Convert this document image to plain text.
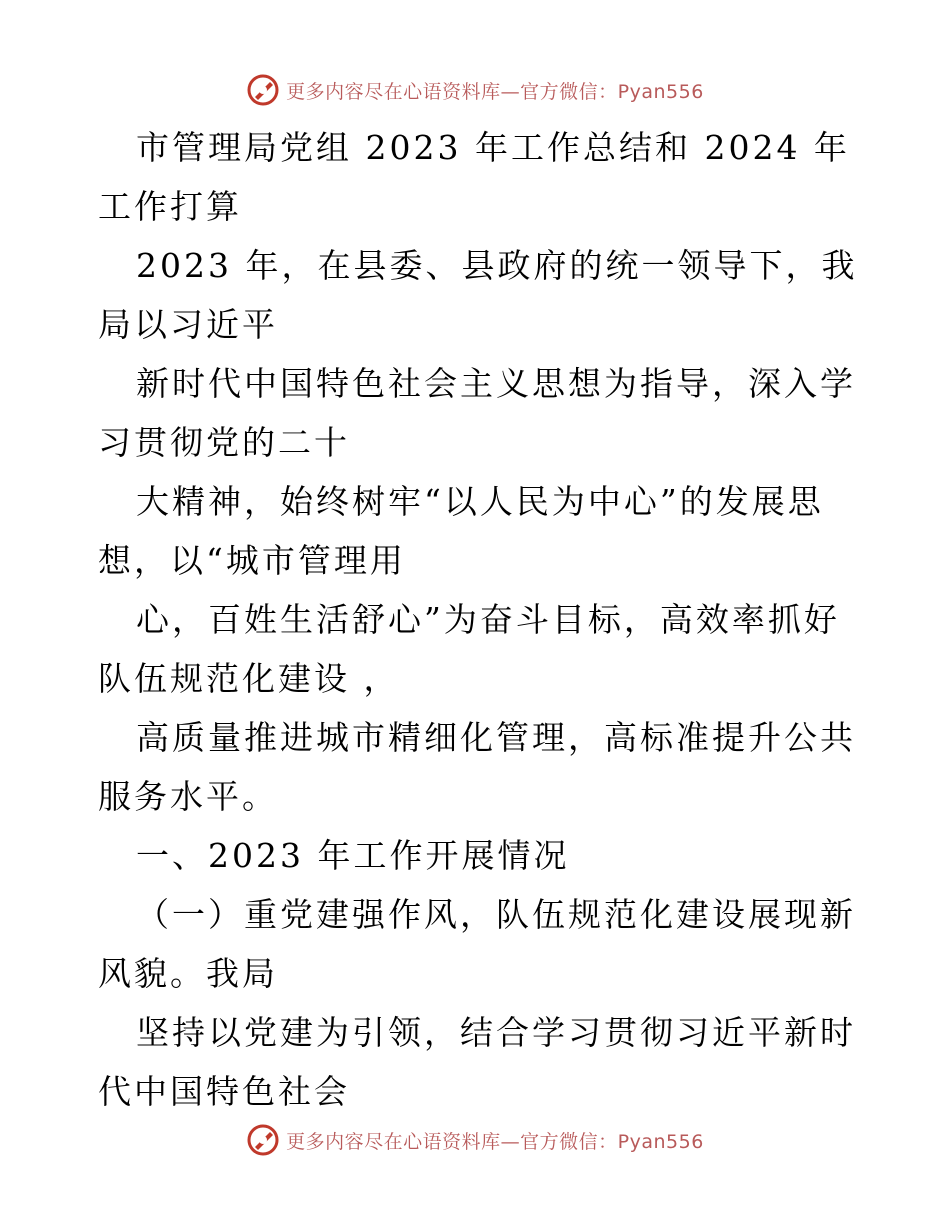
更多内容尽在心语资料库—官方微信：Pyan556

市管理局党组 2023 年工作总结和 2024 年工作打算

2023 年，在县委、县政府的统一领导下，我局以习近平

新时代中国特色社会主义思想为指导，深入学习贯彻党的二十

大精神，始终树牢“以人民为中心”的发展思想，以“城市管理用

心，百姓生活舒心”为奋斗目标，高效率抓好队伍规范化建设 ，

高质量推进城市精细化管理，高标准提升公共服务水平。

一、2023 年工作开展情况

（一）重党建强作风，队伍规范化建设展现新风貌。我局

坚持以党建为引领，结合学习贯彻习近平新时代中国特色社会

更多内容尽在心语资料库—官方微信：Pyan556
